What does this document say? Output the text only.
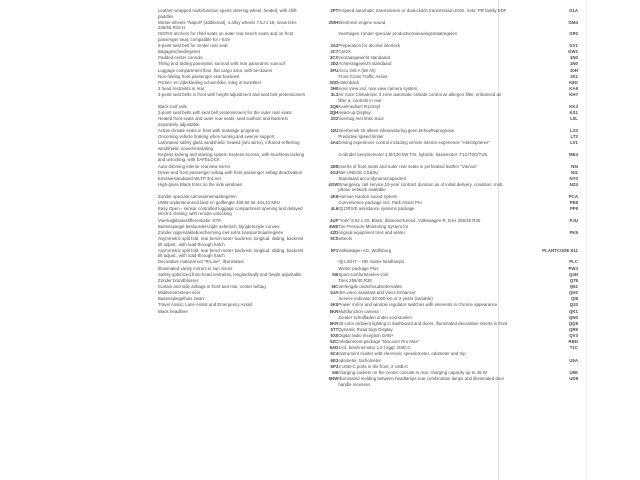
Leather-wrapped multi-function sports steering wheel, heated, with shift paddles	2PT	6-speed automatic transmission or dual-clutch transmission DSG, note: PR family EDF	G1A
Winter wheels "Napoli" (additional), 4 alloy wheels 7.5J x 18, snow tires 235/55 R18 H	2WH	Electronic engine sound	GM4
ISOFIX anchors for child seats on outer rear bench seats and on front passenger seat, compatible for i-Size		Voertuigen zonder speciale productvernieuwingsmaatregelen	GP0
3-point seat belt for center rear seat	3A2	Preparation for alcohol interlock	GV1
Bagagescheidingsnet	3C7	Car2X	GW2
Padded center console	3CX	Vooraasgewicht standaard	1N0
Tilting and sliding panoramic sunroof with rear panoramic sunroof	3D2	Achteraagewicht standaard	1N0
Luggage compartment floor, flat cargo area, with tie-downs	3FU	Accu 340 A (58 Ah)	30H
Non-folding front passenger seat backrest		Front Cross Traffic Assist	3X1
Portier- en zijbekleding schuimfolie, inleg in kunstleer	3GD	Hatchback	K8G
3 head restraints in rear	3H0	Area View incl. rear view camera system	KA6
3-point seat belts in front with height adjustment and seat belt pretensioners	3L3	Air Care Climatronic 3 zone automatic climate control w/ allergen filter, enhanced air filter a, controls in rear	KH7
Black roof rails	3Q6	Koelmedium R1234yf	KK3
3-point seat belts with seat belt pretensioners for the outer rear seats	3QH	Head-up Display	KS1
Heated front seats and outer rear seats, seat cushion and backrest separately adjustable	3S2	Voertuig met links stuur	L0L
Active climate seats in front with massage programs	32U	Veerbereik 25 alleen inbouwsturing geen behoefteprognose	L2S
Oncoming vehicle braking when turning and swerve support		Predictive speed limiter	LT2
Laminated safety glass windshield, heated (w/o wires), infrared-reflecting windshield, sound-insulating	4A4	Driving experience control including vehicle interior experience "Atmospheres"	LV1
Keyless locking and starting system Keyless Access, with touchless locking and unlocking, with SAFELOCK		4-cilinder benzinemotor 1,5l/130 kW TSI, hybride, basismotor: T1C/T0G/TU5	ME4
Auto-dimming interior rearview mirror	4D8	Inserts of front seats and outer rear seats in perforated leather "Vienna"	N5I
Driver and front passenger airbag with front passenger airbag deactivation	4G3	Met UNECE CS&SU	NI1
Emissiestandaard WLTP 3rd Act		Standaard accu-/dynamocapaciteit	NY0
High-gloss Black trims on the side windows	4GW	Emergency call service,10-year contract duration as of initial delivery, condition: mob. phone network available	NZ4
Zonder speciale carrosseriemaatregelen	4K6	Harman Kardon sound system	PCA
UWB-ondersteunend land en golflengte 433,92 tot 434,42 MHz		Convenience package incl. Park Assist Pro	PE8
Easy Open - sensor controlled luggage compartment opening and delayed electric closing, with remote unlocking	4L6	IQ.DRIVE assistance systems package	PF8
Voertuigklassedifferentiatie -570-	4UF	"York" 8.5J x 20, Black, diamond-turned, Volkswagen R, tires 255/40 R20	PJU
Buitenspiegel bestuurderszijde asferisch, bijrijderszijde convex	4WE	Tire Pressure Monitoring System for	
Zonder oppervlakteboscherming met extra transportmaatregelen	4ZD	original equipment tires and winter	PK5
Asymmetric split fold, rear bench seat+ backrest, longitud. sliding, backrest tilt adjust., with load-through hatch	5C0	wheels	
Asymmetric split fold, rear bench seat+ backrest, longitud. sliding, backrest tilt adjust., with load-through hatch	5F1	Volkswagen AG, Wolfsburg	PLANTCODE:011
Decorative material set "R-Line", illuminated		IQ.LIGHT – HD matrix headlamps	PLC
Illuminated vanity mirrors in sun visors		Winter package Plus	PW4
Safety-optimized front head restraints, longitudinally and height adjustable	5I6	Sport-comfortstoelen vóór	Q4H
Zonder brandblusser		Tires 255/40 R20	Q78
Curtain and side airbags in front and rear, center airbag	5IC	Verlengde onderhoudsintervallen	Q61
Middenarmsteun vóór	5JA	IDA voice assistant and Voice Enhancer	QH3
Buitenspiegelhuis zwart		Service indicator 30 000 km or 2 years (variable)	QI6
Travel Assist, Lane Assist and Emergency Assist	5K0	Power mirror and window regulator switches with elements in chrome appearance	Q33
Black headliner	5KR	Multifunction camera	QK1
		Zonder schuifladen onder voorstoelen	QN0
	5KR	30-color ambient lighting in dashboard and doors, illuminated decorative inserts in front	QQ9
	5TT	Dynamic Road Sign Display	QR9
	5X0	Digital radio reception DAB+	QV3
	5ZC	Infotainment package "Discover Pro Max"	RBD
	6AD	4-cil. benzinemotor 1,5 l aggr. DSE,G	T1C
	6C4	Instrument cluster with electronic speedometer, odometer and trip	
	6E3	odometer, tachometer	U5A
	6P3	2 USB-C ports in the front, 2 USB-C	
	6I6	charging sockets on the center console in rear, charging capacity up to 45 W	U9E
	6NW	Illuminated molding between headlamps rear combination lamps and illuminated door handle recesses	UD8
